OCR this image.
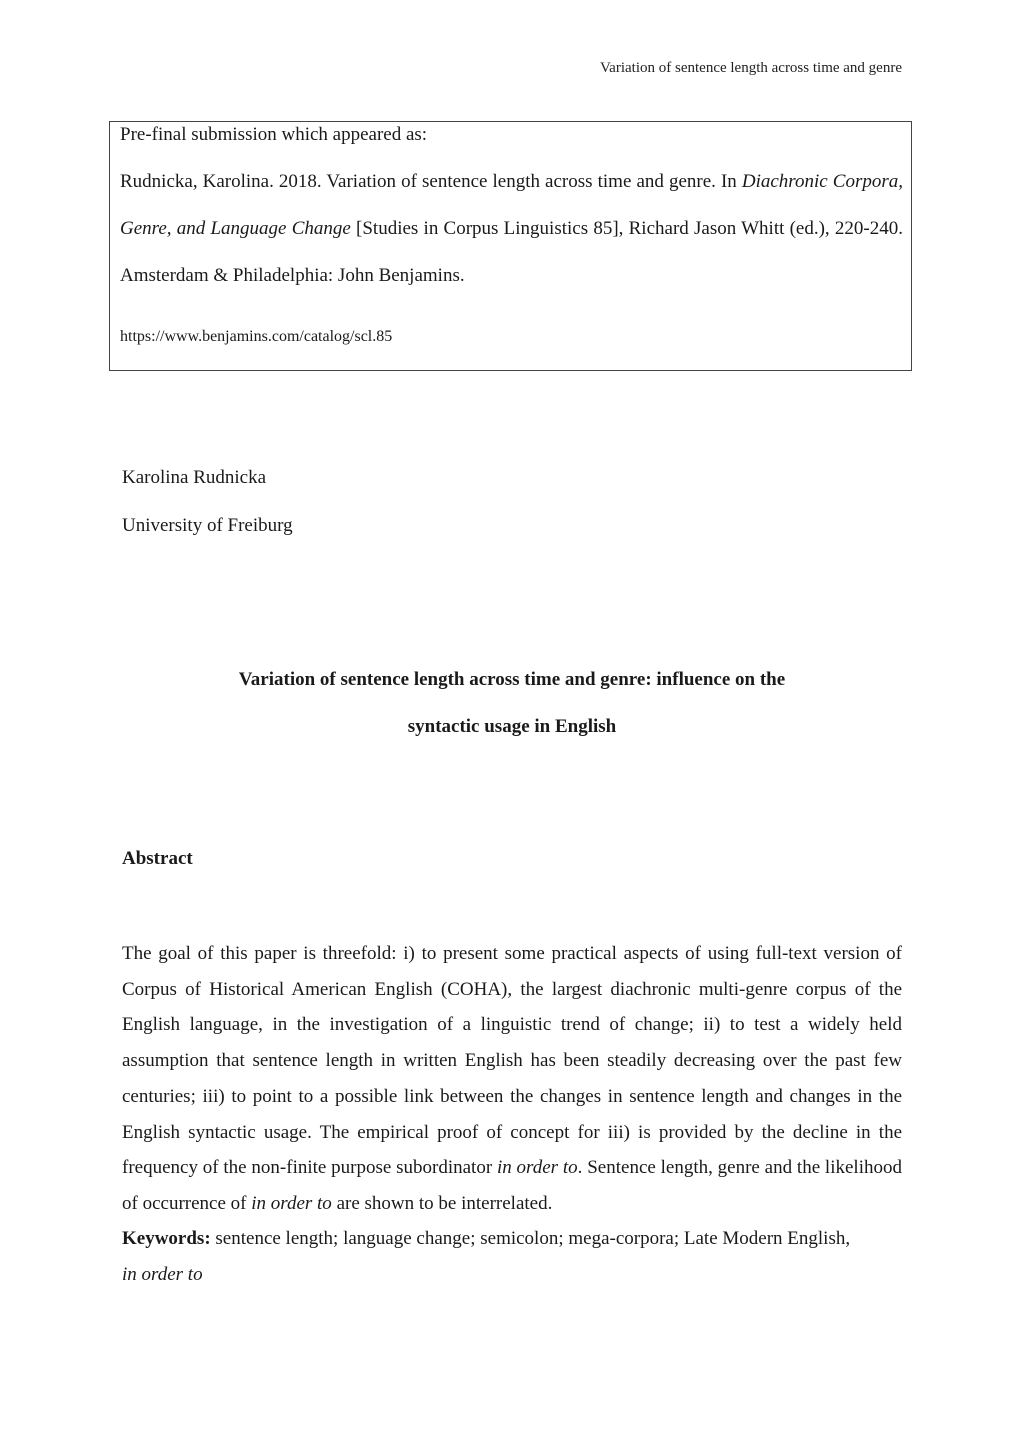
Variation of sentence length across time and genre
Pre-final submission which appeared as:
Rudnicka, Karolina. 2018. Variation of sentence length across time and genre. In Diachronic Corpora, Genre, and Language Change [Studies in Corpus Linguistics 85], Richard Jason Whitt (ed.), 220-240. Amsterdam & Philadelphia: John Benjamins.
https://www.benjamins.com/catalog/scl.85
Karolina Rudnicka
University of Freiburg
Variation of sentence length across time and genre: influence on the
syntactic usage in English
Abstract
The goal of this paper is threefold: i) to present some practical aspects of using full-text version of Corpus of Historical American English (COHA), the largest diachronic multi-genre corpus of the English language, in the investigation of a linguistic trend of change; ii) to test a widely held assumption that sentence length in written English has been steadily decreasing over the past few centuries; iii) to point to a possible link between the changes in sentence length and changes in the English syntactic usage. The empirical proof of concept for iii) is provided by the decline in the frequency of the non-finite purpose subordinator in order to. Sentence length, genre and the likelihood of occurrence of in order to are shown to be interrelated.
Keywords: sentence length; language change; semicolon; mega-corpora; Late Modern English,
in order to
